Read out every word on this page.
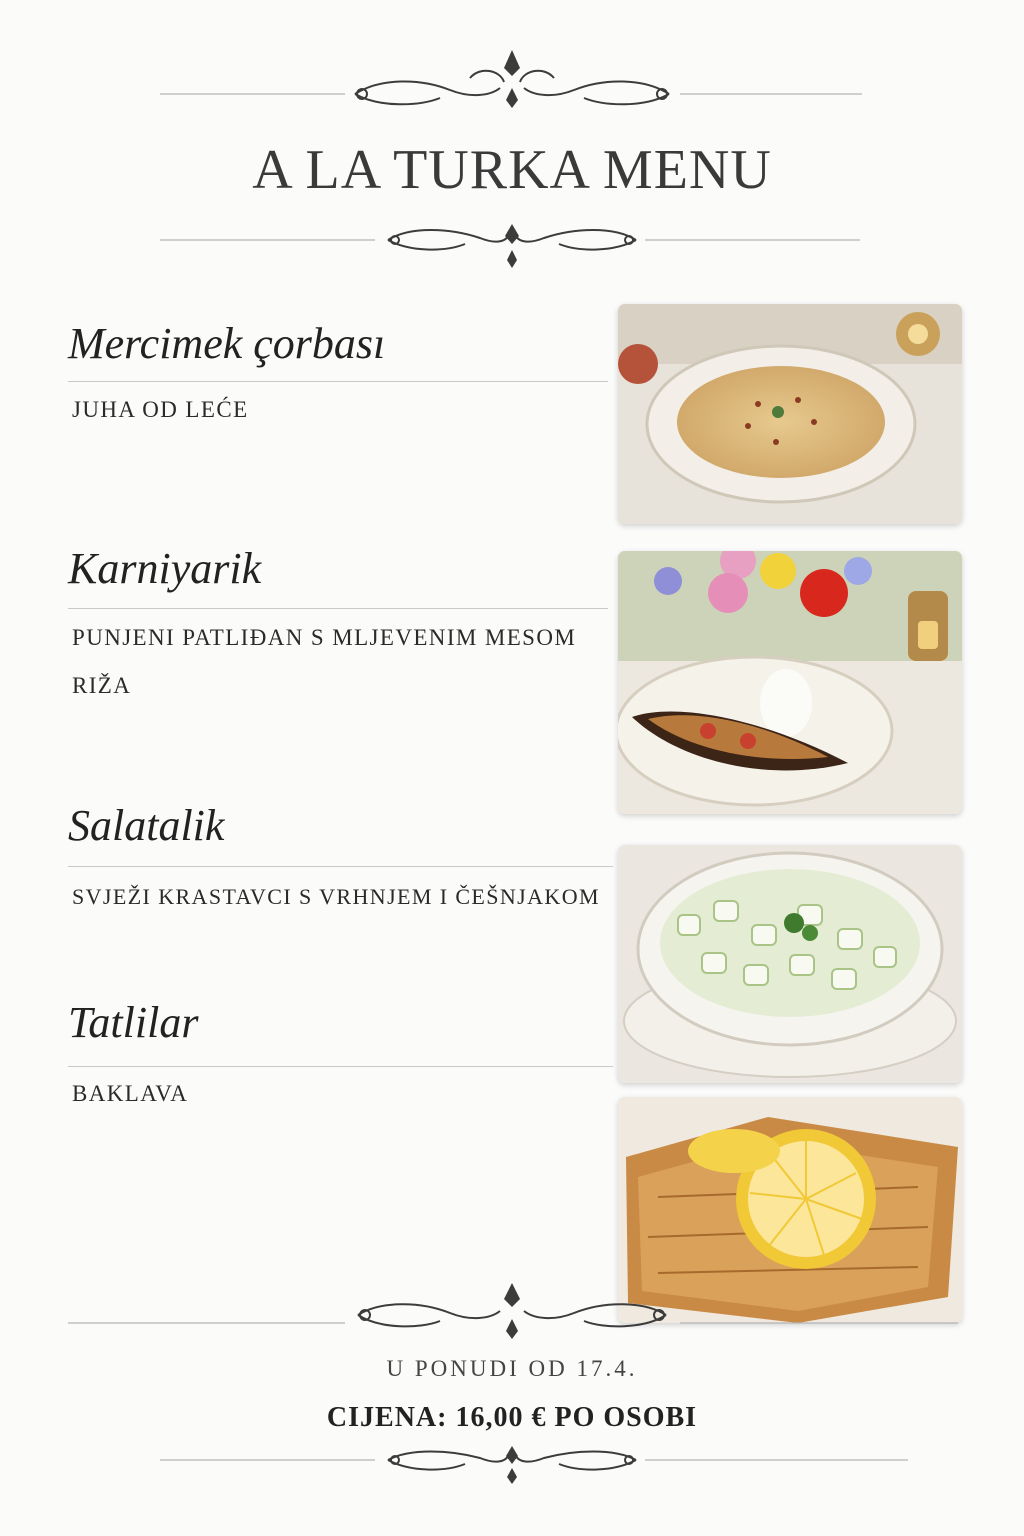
A LA TURKA MENU
Mercimek çorbası
JUHA OD LEĆE
Karniyarik
PUNJENI PATLIĐAN S MLJEVENIM MESOM
RIŽA
Salatalik
SVJEŽI KRASTAVCI S VRHNJEM I ČEŠNJAKOM
Tatlilar
BAKLAVA
U PONUDI OD 17.4.
CIJENA: 16,00 € PO OSOBI
